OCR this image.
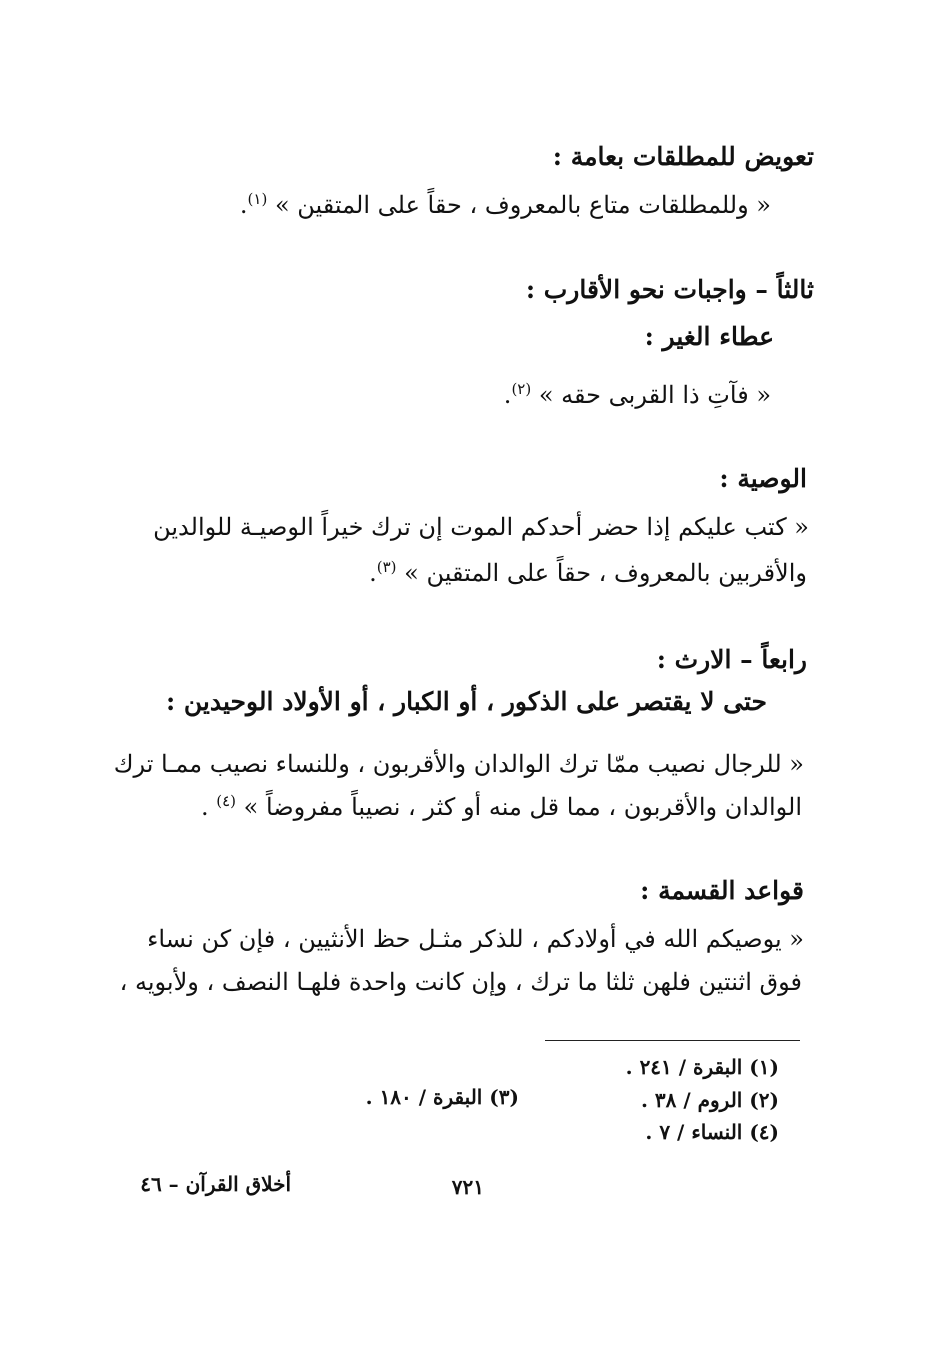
تعويض للمطلقات بعامة :
« وللمطلقات متاع بالمعروف ، حقاً على المتقين » $^{(١)}$.
ثالثاً – واجبات نحو الأقارب :
عطاء الغير :
« فآتِ ذا القربى حقه » $^{(٢)}$.
الوصية :
« كتب عليكم إذا حضر أحدكم الموت إن ترك خيراً الوصيـة للوالدين
والأقربين بالمعروف ، حقاً على المتقين » $^{(٣)}$.
رابعاً – الارث :
حتى لا يقتصر على الذكور ، أو الكبار ، أو الأولاد الوحيدين :
« للرجال نصيب ممّا ترك الوالدان والأقربون ، وللنساء نصيب ممـا ترك
الوالدان والأقربون ، مما قل منه أو كثر ، نصيباً مفروضاً » $^{(٤)}$ .
قواعد القسمة :
« يوصيكم الله في أولادكم ، للذكر مثـل حظ الأنثيين ، فإن كن نساء
فوق اثنتين فلهن ثلثا ما ترك ، وإن كانت واحدة فلهـا النصف ، ولأبويه ،
(١) البقرة / ٢٤١ .
(٢) الروم / ٣٨ .
(٣) البقرة / ١٨٠ .
(٤) النساء / ٧ .
٧٢١
أخلاق القرآن – ٤٦
